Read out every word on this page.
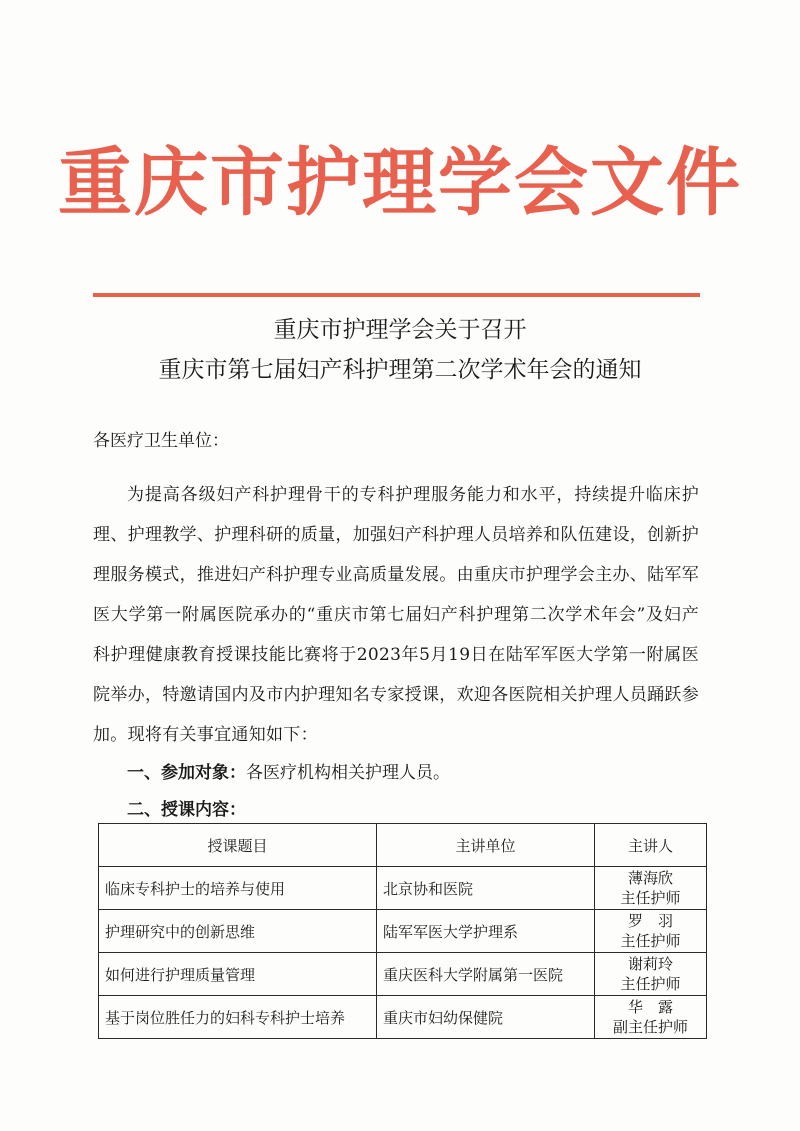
重庆市护理学会文件
重庆市护理学会关于召开
重庆市第七届妇产科护理第二次学术年会的通知
各医疗卫生单位：

为提高各级妇产科护理骨干的专科护理服务能力和水平，持续提升临床护理、护理教学、护理科研的质量，加强妇产科护理人员培养和队伍建设，创新护理服务模式，推进妇产科护理专业高质量发展。由重庆市护理学会主办、陆军军医大学第一附属医院承办的“重庆市第七届妇产科护理第二次学术年会”及妇产科护理健康教育授课技能比赛将于2023年5月19日在陆军军医大学第一附属医院举办，特邀请国内及市内护理知名专家授课，欢迎各医院相关护理人员踊跃参加。现将有关事宜通知如下：

一、参加对象：各医疗机构相关护理人员。
二、授课内容：
授课题目	主讲单位	主讲人
临床专科护士的培养与使用	北京协和医院	薄海欣
主任护师

护理研究中的创新思维	陆军军医大学护理系	罗　羽
主任护师

如何进行护理质量管理	重庆医科大学附属第一医院	谢莉玲
主任护师

基于岗位胜任力的妇科专科护士培养	重庆市妇幼保健院	华　露
副主任护师
